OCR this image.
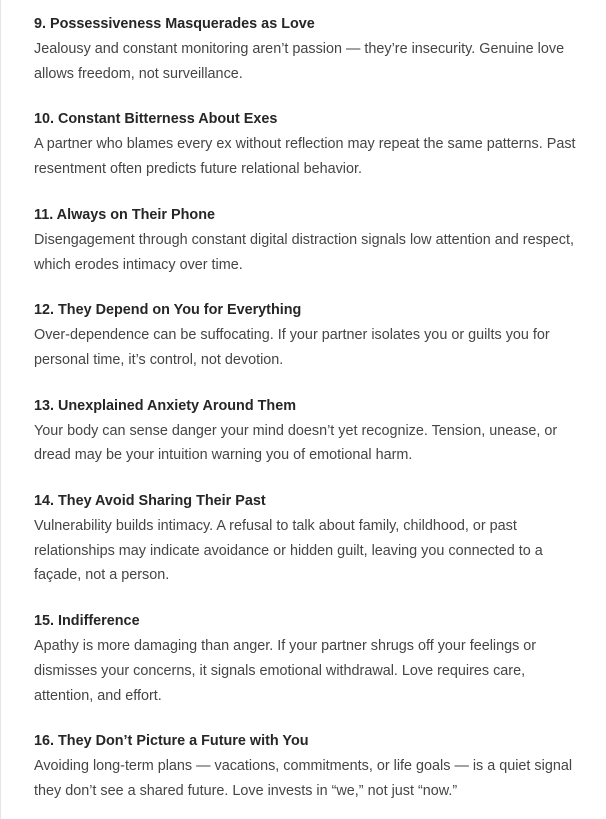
9. Possessiveness Masquerades as Love

Jealousy and constant monitoring aren’t passion — they’re insecurity. Genuine love allows freedom, not surveillance.

10. Constant Bitterness About Exes

A partner who blames every ex without reflection may repeat the same patterns. Past resentment often predicts future relational behavior.

11. Always on Their Phone

Disengagement through constant digital distraction signals low attention and respect, which erodes intimacy over time.

12. They Depend on You for Everything

Over-dependence can be suffocating. If your partner isolates you or guilts you for personal time, it’s control, not devotion.

13. Unexplained Anxiety Around Them

Your body can sense danger your mind doesn’t yet recognize. Tension, unease, or dread may be your intuition warning you of emotional harm.

14. They Avoid Sharing Their Past

Vulnerability builds intimacy. A refusal to talk about family, childhood, or past relationships may indicate avoidance or hidden guilt, leaving you connected to a façade, not a person.

15. Indifference

Apathy is more damaging than anger. If your partner shrugs off your feelings or dismisses your concerns, it signals emotional withdrawal. Love requires care, attention, and effort.

16. They Don’t Picture a Future with You

Avoiding long-term plans — vacations, commitments, or life goals — is a quiet signal they don’t see a shared future. Love invests in “we,” not just “now.”
